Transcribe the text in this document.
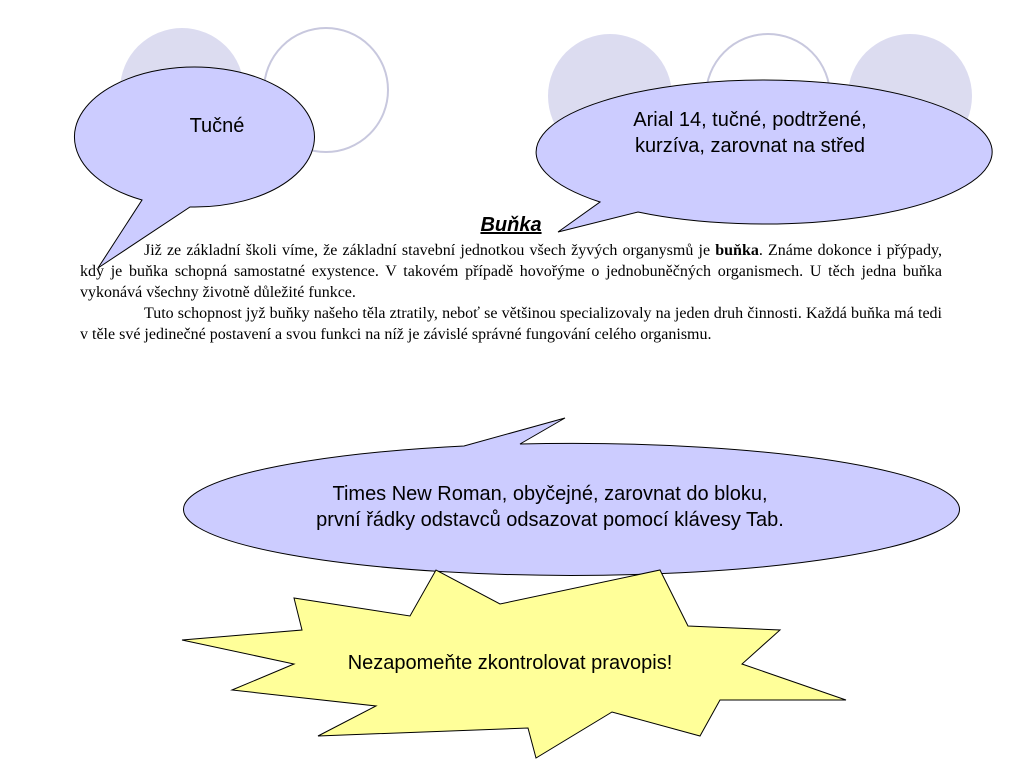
Tučné	Arial 14, tučné, podtržené,
kurzíva, zarovnat na střed
Times New Roman, obyčejné, zarovnat do bloku,
první řádky odstavců odsazovat pomocí klávesy Tab.
Nezapomeňte zkontrolovat pravopis!
Buňka

Již ze základní školi víme, že základní stavební jednotkou všech žyvých organysmů je buňka. Známe dokonce i přýpady, kdy je buňka schopná samostatné exystence. V takovém případě hovořýme o jednobuněčných organismech. U těch jedna buňka vykonává všechny životně důležité funkce.

Tuto schopnost jyž buňky našeho těla ztratily, neboť se většinou specializovaly na jeden druh činnosti. Každá buňka má tedi v těle své jedinečné postavení a svou funkci na níž je závislé správné fungování celého organismu.
